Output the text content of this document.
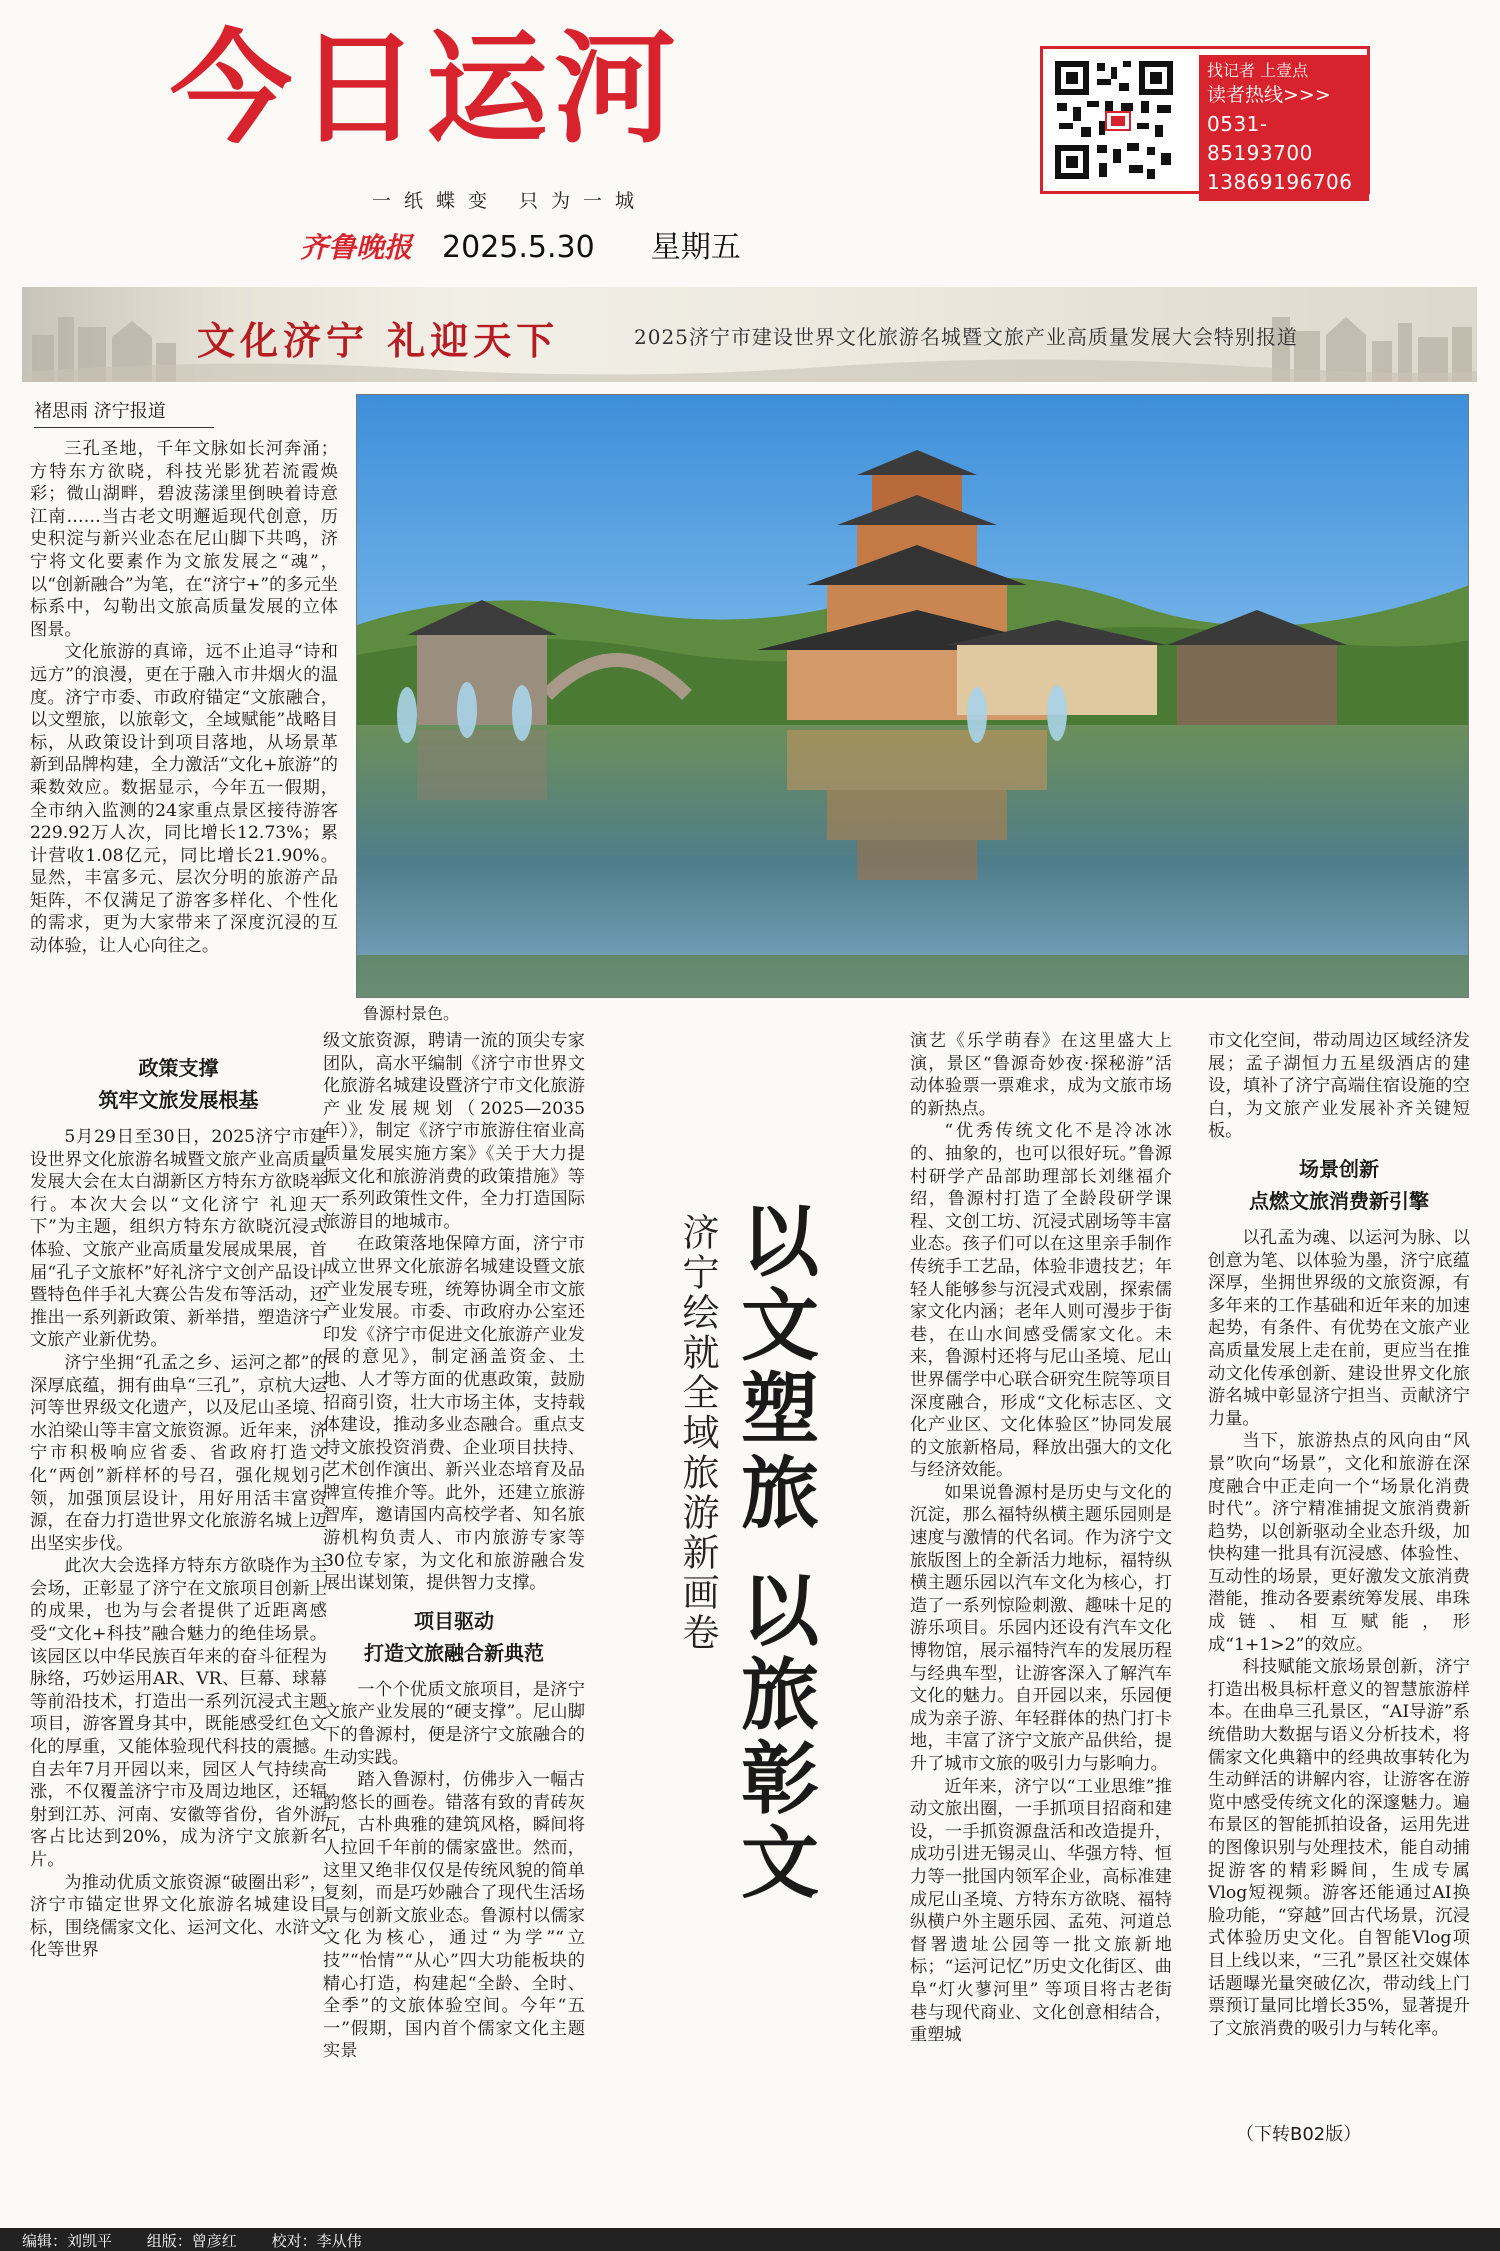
今日运河
一纸蝶变 只为一城
齐鲁晚报 2025.5.30 星期五
找记者 上壹点
读者热线>>>
0531-85193700
13869196706
文化济宁 礼迎天下	2025济宁市建设世界文化旅游名城暨文旅产业高质量发展大会特别报道
褚思雨 济宁报道

三孔圣地，千年文脉如长河奔涌；方特东方欲晓，科技光影犹若流霞焕彩；微山湖畔，碧波荡漾里倒映着诗意江南……当古老文明邂逅现代创意，历史积淀与新兴业态在尼山脚下共鸣，济宁将文化要素作为文旅发展之“魂”，以“创新融合”为笔，在“济宁+”的多元坐标系中，勾勒出文旅高质量发展的立体图景。

文化旅游的真谛，远不止追寻“诗和远方”的浪漫，更在于融入市井烟火的温度。济宁市委、市政府锚定“文旅融合，以文塑旅，以旅彰文，全域赋能”战略目标，从政策设计到项目落地，从场景革新到品牌构建，全力激活“文化+旅游”的乘数效应。数据显示，今年五一假期，全市纳入监测的24家重点景区接待游客229.92万人次，同比增长12.73%；累计营收1.08亿元，同比增长21.90%。显然，丰富多元、层次分明的旅游产品矩阵，不仅满足了游客多样化、个性化的需求，更为大家带来了深度沉浸的互动体验，让人心向往之。

鲁源村景色。
政策支撑
筑牢文旅发展根基

5月29日至30日，2025济宁市建设世界文化旅游名城暨文旅产业高质量发展大会在太白湖新区方特东方欲晓举行。本次大会以“文化济宁 礼迎天下”为主题，组织方特东方欲晓沉浸式体验、文旅产业高质量发展成果展，首届“孔子文旅杯”好礼济宁文创产品设计暨特色伴手礼大赛公告发布等活动，还推出一系列新政策、新举措，塑造济宁文旅产业新优势。

济宁坐拥“孔孟之乡、运河之都”的深厚底蕴，拥有曲阜“三孔”，京杭大运河等世界级文化遗产，以及尼山圣境、水泊梁山等丰富文旅资源。近年来，济宁市积极响应省委、省政府打造文化“两创”新样杯的号召，强化规划引领，加强顶层设计，用好用活丰富资源，在奋力打造世界文化旅游名城上迈出坚实步伐。

此次大会选择方特东方欲晓作为主会场，正彰显了济宁在文旅项目创新上的成果，也为与会者提供了近距离感受“文化+科技”融合魅力的绝佳场景。该园区以中华民族百年来的奋斗征程为脉络，巧妙运用AR、VR、巨幕、球幕等前沿技术，打造出一系列沉浸式主题项目，游客置身其中，既能感受红色文化的厚重，又能体验现代科技的震撼。自去年7月开园以来，园区人气持续高涨，不仅覆盖济宁市及周边地区，还辐射到江苏、河南、安徽等省份，省外游客占比达到20%，成为济宁文旅新名片。

为推动优质文旅资源“破圈出彩”，济宁市锚定世界文化旅游名城建设目标，围绕儒家文化、运河文化、水浒文化等世界

级文旅资源，聘请一流的顶尖专家团队，高水平编制《济宁市世界文化旅游名城建设暨济宁市文化旅游产业发展规划（2025—2035年）》，制定《济宁市旅游住宿业高质量发展实施方案》《关于大力提振文化和旅游消费的政策措施》等一系列政策性文件，全力打造国际旅游目的地城市。

在政策落地保障方面，济宁市成立世界文化旅游名城建设暨文旅产业发展专班，统筹协调全市文旅产业发展。市委、市政府办公室还印发《济宁市促进文化旅游产业发展的意见》，制定涵盖资金、土地、人才等方面的优惠政策，鼓励招商引资，壮大市场主体，支持载体建设，推动多业态融合。重点支持文旅投资消费、企业项目扶持、艺术创作演出、新兴业态培育及品牌宣传推介等。此外，还建立旅游智库，邀请国内高校学者、知名旅游机构负责人、市内旅游专家等30位专家，为文化和旅游融合发展出谋划策，提供智力支撑。

项目驱动
打造文旅融合新典范

一个个优质文旅项目，是济宁文旅产业发展的“硬支撑”。尼山脚下的鲁源村，便是济宁文旅融合的生动实践。

踏入鲁源村，仿佛步入一幅古韵悠长的画卷。错落有致的青砖灰瓦，古朴典雅的建筑风格，瞬间将人拉回千年前的儒家盛世。然而，这里又绝非仅仅是传统风貌的简单复刻，而是巧妙融合了现代生活场景与创新文旅业态。鲁源村以儒家文化为核心，通过“为学”“立技”“怡情”“从心”四大功能板块的精心打造，构建起“全龄、全时、全季”的文旅体验空间。今年“五一”假期，国内首个儒家文化主题实景

以文塑旅 以旅彰文
济宁绘就全域旅游新画卷

演艺《乐学萌春》在这里盛大上演，景区“鲁源奇妙夜·探秘游”活动体验票一票难求，成为文旅市场的新热点。

“优秀传统文化不是冷冰冰的、抽象的，也可以很好玩。”鲁源村研学产品部助理部长刘继福介绍，鲁源村打造了全龄段研学课程、文创工坊、沉浸式剧场等丰富业态。孩子们可以在这里亲手制作传统手工艺品，体验非遗技艺；年轻人能够参与沉浸式戏剧，探索儒家文化内涵；老年人则可漫步于街巷，在山水间感受儒家文化。未来，鲁源村还将与尼山圣境、尼山世界儒学中心联合研究生院等项目深度融合，形成“文化标志区、文化产业区、文化体验区”协同发展的文旅新格局，释放出强大的文化与经济效能。

如果说鲁源村是历史与文化的沉淀，那么福特纵横主题乐园则是速度与激情的代名词。作为济宁文旅版图上的全新活力地标，福特纵横主题乐园以汽车文化为核心，打造了一系列惊险刺激、趣味十足的游乐项目。乐园内还设有汽车文化博物馆，展示福特汽车的发展历程与经典车型，让游客深入了解汽车文化的魅力。自开园以来，乐园便成为亲子游、年轻群体的热门打卡地，丰富了济宁文旅产品供给，提升了城市文旅的吸引力与影响力。

近年来，济宁以“工业思维”推动文旅出圈，一手抓项目招商和建设，一手抓资源盘活和改造提升，成功引进无锡灵山、华强方特、恒力等一批国内领军企业，高标准建成尼山圣境、方特东方欲晓、福特纵横户外主题乐园、孟苑、河道总督署遗址公园等一批文旅新地标；“运河记忆”历史文化街区、曲阜“灯火蓼河里” 等项目将古老街巷与现代商业、文化创意相结合，重塑城

市文化空间，带动周边区域经济发展；孟子湖恒力五星级酒店的建设，填补了济宁高端住宿设施的空白，为文旅产业发展补齐关键短板。

场景创新
点燃文旅消费新引擎

以孔孟为魂、以运河为脉、以创意为笔、以体验为墨，济宁底蕴深厚，坐拥世界级的文旅资源，有多年来的工作基础和近年来的加速起势，有条件、有优势在文旅产业高质量发展上走在前，更应当在推动文化传承创新、建设世界文化旅游名城中彰显济宁担当、贡献济宁力量。

当下，旅游热点的风向由“风景”吹向“场景”，文化和旅游在深度融合中正走向一个“场景化消费时代”。济宁精准捕捉文旅消费新趋势，以创新驱动全业态升级，加快构建一批具有沉浸感、体验性、互动性的场景，更好激发文旅消费潜能，推动各要素统筹发展、串珠成链、相互赋能，形成“1+1>2”的效应。

科技赋能文旅场景创新，济宁打造出极具标杆意义的智慧旅游样本。在曲阜三孔景区，“AI导游”系统借助大数据与语义分析技术，将儒家文化典籍中的经典故事转化为生动鲜活的讲解内容，让游客在游览中感受传统文化的深邃魅力。遍布景区的智能抓拍设备，运用先进的图像识别与处理技术，能自动捕捉游客的精彩瞬间，生成专属Vlog短视频。游客还能通过AI换脸功能，“穿越”回古代场景，沉浸式体验历史文化。自智能Vlog项目上线以来，“三孔”景区社交媒体话题曝光量突破亿次，带动线上门票预订量同比增长35%，显著提升了文旅消费的吸引力与转化率。

（下转B02版）
编辑：刘凯平 组版：曾彦红 校对：李从伟
